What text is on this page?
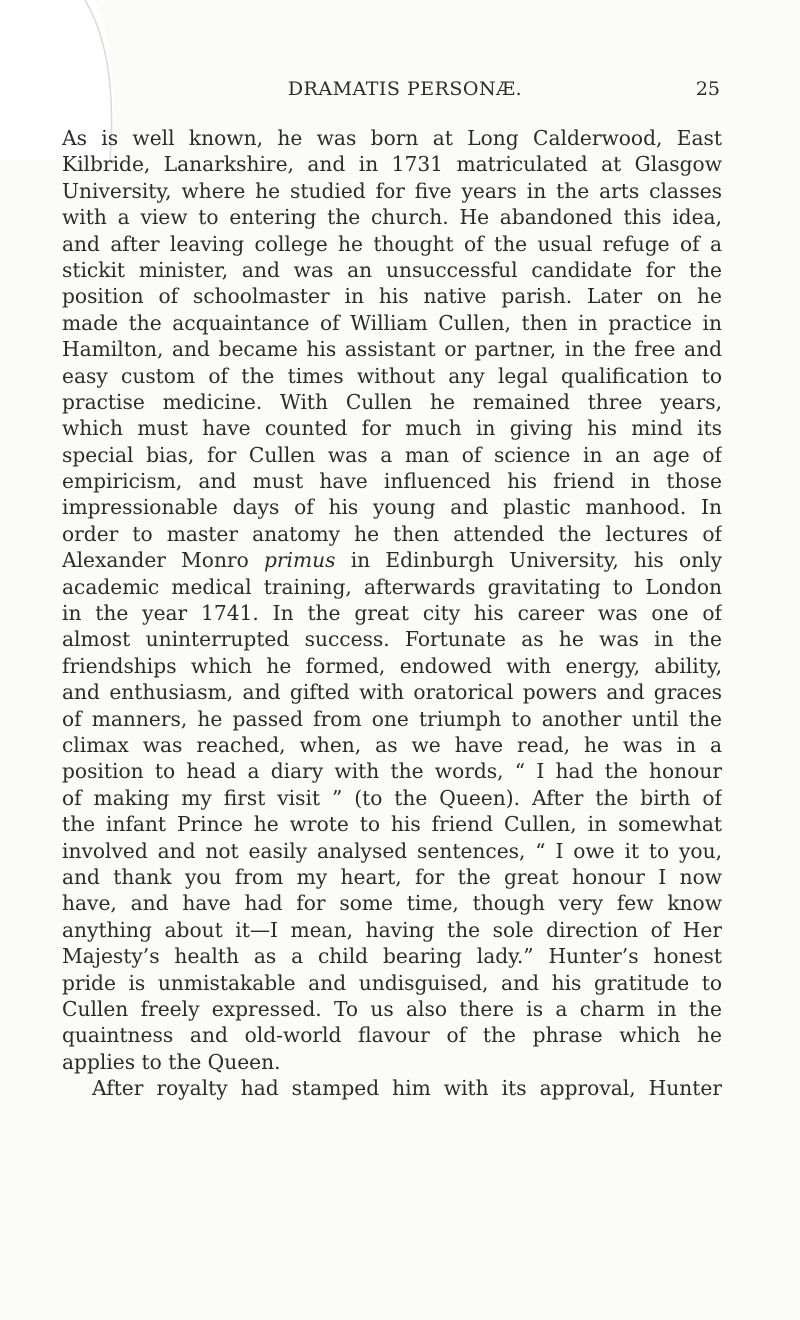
DRAMATIS PERSONÆ.	25
As is well known, he was born at Long Calderwood, East
Kilbride, Lanarkshire, and in 1731 matriculated at Glasgow
University, where he studied for five years in the arts classes
with a view to entering the church. He abandoned this idea,
and after leaving college he thought of the usual refuge of a
stickit minister, and was an unsuccessful candidate for the
position of schoolmaster in his native parish. Later on he
made the acquaintance of William Cullen, then in practice in
Hamilton, and became his assistant or partner, in the free and
easy custom of the times without any legal qualification to
practise medicine. With Cullen he remained three years,
which must have counted for much in giving his mind its
special bias, for Cullen was a man of science in an age of
empiricism, and must have influenced his friend in those
impressionable days of his young and plastic manhood. In
order to master anatomy he then attended the lectures of
Alexander Monro primus in Edinburgh University, his only
academic medical training, afterwards gravitating to London
in the year 1741. In the great city his career was one of
almost uninterrupted success. Fortunate as he was in the
friendships which he formed, endowed with energy, ability,
and enthusiasm, and gifted with oratorical powers and graces
of manners, he passed from one triumph to another until the
climax was reached, when, as we have read, he was in a
position to head a diary with the words, “ I had the honour
of making my first visit ” (to the Queen). After the birth of
the infant Prince he wrote to his friend Cullen, in somewhat
involved and not easily analysed sentences, “ I owe it to you,
and thank you from my heart, for the great honour I now
have, and have had for some time, though very few know
anything about it—I mean, having the sole direction of Her
Majesty’s health as a child bearing lady.” Hunter’s honest
pride is unmistakable and undisguised, and his gratitude to
Cullen freely expressed. To us also there is a charm in the
quaintness and old-world flavour of the phrase which he
applies to the Queen.
After royalty had stamped him with its approval, Hunter
